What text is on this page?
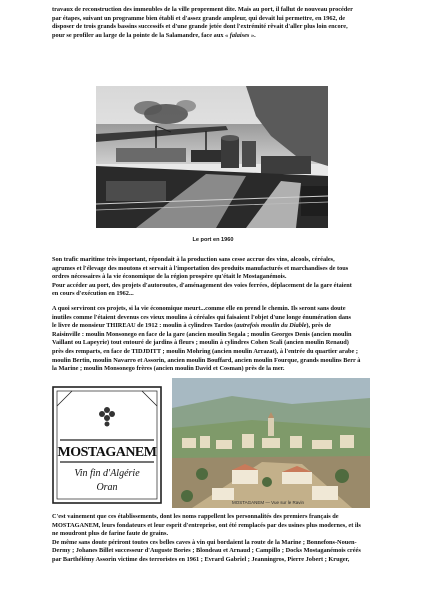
travaux de reconstruction des immeubles de la ville proprement dite. Mais au port, il fallut de nouveau procéder
par étapes, suivant un programme bien établi et d'assez grande ampleur, qui devait lui permettre, en 1962, de
disposer de trois grands bassins successifs et d'une grande jetée dont l'extrémité rêvait d'aller plus loin encore,
pour se profiler au large de la pointe de la Salamandre, face aux « falaises ».
Le port en 1960
Son trafic maritime très important, répondait à la production sans cesse accrue des vins, alcools, céréales,
agrumes et l'élevage des moutons et servait à l'importation des produits manufacturés et marchandises de tous
ordres nécessaires à la vie économique de la région prospère qu'était le Mostaganémois.
Pour accéder au port, des projets d'autoroutes, d'aménagement des voies ferrées, déplacement de la gare étaient
en cours d'exécution en 1962...
A quoi serviront ces projets, si la vie économique meurt...comme elle en prend le chemin. Ils seront sans doute
inutiles comme l'étaient devenus ces vieux moulins à céréales qui faisaient l'objet d'une longe énumération dans
le livre de monsieur THIREAU de 1912 : moulin à cylindres Tardos (autrefois moulin du Diable), près de
Raisinville : moulin Monsonego en face de la gare (ancien moulin Segala ; moulin Georges Denis (ancien moulin
Vaillant ou Lapeyrie) tout entouré de jardins à fleurs ; moulin à cylindres Cohen Scali (ancien moulin Renaud)
près des remparts, en face de TIDJDITT ; moulin Mohring (ancien moulin Arrazat), à l'entrée du quartier arabe ;
moulin Bertin, moulin Navarro et Assorin, ancien moulin Bouffard, ancien moulin Fourque, grands moulins Berr à
la Marine ; moulin Monsonego frères (ancien moulin David et Cosman) près de la mer.
MOSTAGANEM
Vin fin d'Algérie
Oran
MOSTAGANEM — Vue sur le Ravin
C'est vainement que ces établissements, dont les noms rappellent les personnalités des premiers français de
MOSTAGANEM, leurs fondateurs et leur esprit d'entreprise, ont été remplacés par des usines plus modernes, et ils
ne moudront plus de farine faute de grains.
De même sans doute périront toutes ces belles caves à vin qui bordaient la route de la Marine ; Bonnefons-Nouen-
Dermy ; Johanes Billet successeur d'Auguste Bories ; Blondeau et Arnaud ; Campillo ; Docks Mostaganémois créés
par Barthélémy Assorin victime des terroristes en 1961 ; Evrard Gabriel ; Jeanningros, Pierre Jobert ; Kruger,
